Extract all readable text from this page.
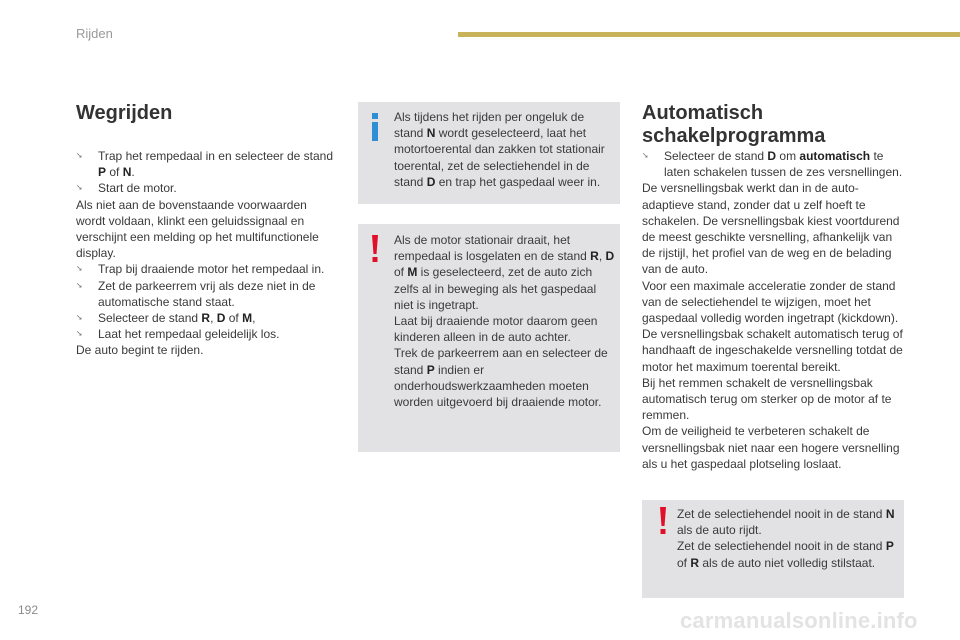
Rijden
Wegrijden
➘	Trap het rempedaal in en selecteer de stand P of N.
➘	Start de motor.
Als niet aan de bovenstaande voorwaarden wordt voldaan, klinkt een geluidssignaal en verschijnt een melding op het multifunctionele display.
➘	Trap bij draaiende motor het rempedaal in.
➘	Zet de parkeerrem vrij als deze niet in de automatische stand staat.
➘	Selecteer de stand R, D of M,
➘	Laat het rempedaal geleidelijk los.
De auto begint te rijden.
Als tijdens het rijden per ongeluk de stand N wordt geselecteerd, laat het motortoerental dan zakken tot stationair toerental, zet de selectiehendel in de stand D en trap het gaspedaal weer in.
Als de motor stationair draait, het rempedaal is losgelaten en de stand R, D of M is geselecteerd, zet de auto zich zelfs al in beweging als het gaspedaal niet is ingetrapt.
Laat bij draaiende motor daarom geen kinderen alleen in de auto achter.
Trek de parkeerrem aan en selecteer de stand P indien er onderhoudswerkzaamheden moeten worden uitgevoerd bij draaiende motor.
Automatisch
schakelprogramma
➘	Selecteer de stand D om automatisch te laten schakelen tussen de zes versnellingen.
De versnellingsbak werkt dan in de auto-adaptieve stand, zonder dat u zelf hoeft te schakelen. De versnellingsbak kiest voortdurend de meest geschikte versnelling, afhankelijk van de rijstijl, het profiel van de weg en de belading van de auto.
Voor een maximale acceleratie zonder de stand van de selectiehendel te wijzigen, moet het gaspedaal volledig worden ingetrapt (kickdown).
De versnellingsbak schakelt automatisch terug of handhaaft de ingeschakelde versnelling totdat de motor het maximum toerental bereikt.
Bij het remmen schakelt de versnellingsbak automatisch terug om sterker op de motor af te remmen.
Om de veiligheid te verbeteren schakelt de versnellingsbak niet naar een hogere versnelling als u het gaspedaal plotseling loslaat.
Zet de selectiehendel nooit in de stand N als de auto rijdt.
Zet de selectiehendel nooit in de stand P of R als de auto niet volledig stilstaat.
192	carmanualsonline.info
